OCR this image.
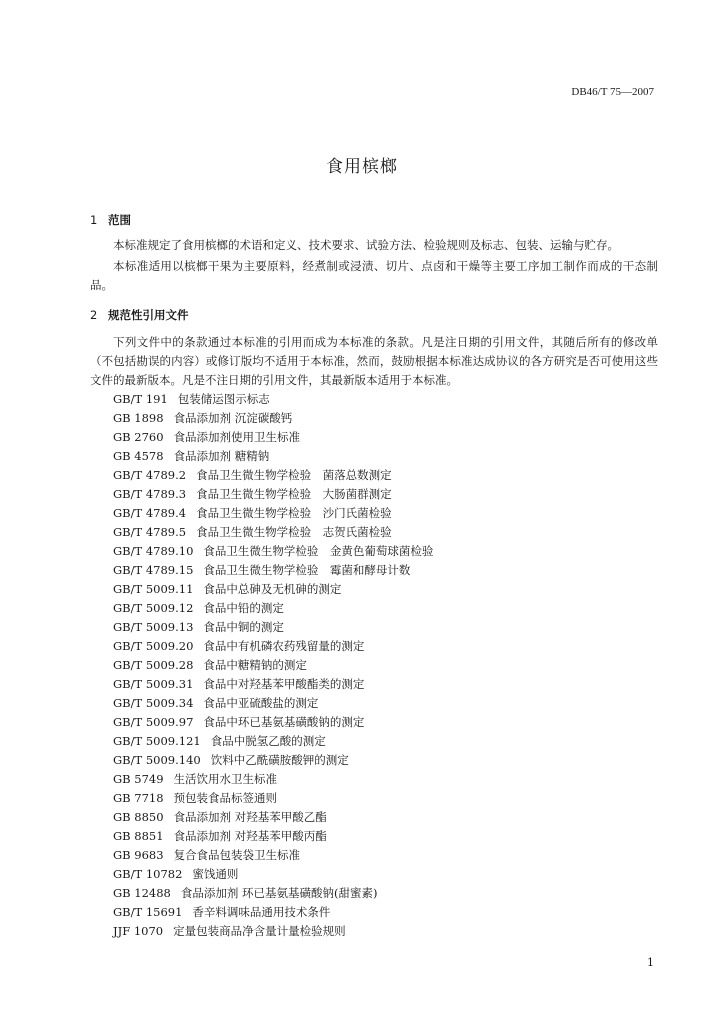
DB46/T 75—2007
食用槟榔
1 范围
本标准规定了食用槟榔的术语和定义、技术要求、试验方法、检验规则及标志、包装、运输与贮存。
本标准适用以槟榔干果为主要原料，经煮制或浸渍、切片、点卤和干燥等主要工序加工制作而成的干态制品。
2 规范性引用文件
下列文件中的条款通过本标准的引用而成为本标准的条款。凡是注日期的引用文件，其随后所有的修改单（不包括勘误的内容）或修订版均不适用于本标准，然而，鼓励根据本标准达成协议的各方研究是否可使用这些文件的最新版本。凡是不注日期的引用文件，其最新版本适用于本标准。
GB/T 191 包装储运图示标志
GB 1898 食品添加剂 沉淀碳酸钙
GB 2760 食品添加剂使用卫生标准
GB 4578 食品添加剂 糖精钠
GB/T 4789.2 食品卫生微生物学检验　菌落总数测定
GB/T 4789.3 食品卫生微生物学检验　大肠菌群测定
GB/T 4789.4 食品卫生微生物学检验　沙门氏菌检验
GB/T 4789.5 食品卫生微生物学检验　志贺氏菌检验
GB/T 4789.10 食品卫生微生物学检验　金黄色葡萄球菌检验
GB/T 4789.15 食品卫生微生物学检验　霉菌和酵母计数
GB/T 5009.11 食品中总砷及无机砷的测定
GB/T 5009.12 食品中铅的测定
GB/T 5009.13 食品中铜的测定
GB/T 5009.20 食品中有机磷农药残留量的测定
GB/T 5009.28 食品中糖精钠的测定
GB/T 5009.31 食品中对羟基苯甲酸酯类的测定
GB/T 5009.34 食品中亚硫酸盐的测定
GB/T 5009.97 食品中环已基氨基磺酸钠的测定
GB/T 5009.121 食品中脱氢乙酸的测定
GB/T 5009.140 饮料中乙酰磺胺酸钾的测定
GB 5749 生活饮用水卫生标准
GB 7718 预包装食品标签通则
GB 8850 食品添加剂 对羟基苯甲酸乙酯
GB 8851 食品添加剂 对羟基苯甲酸丙酯
GB 9683 复合食品包装袋卫生标准
GB/T 10782 蜜饯通则
GB 12488 食品添加剂 环已基氨基磺酸钠(甜蜜素)
GB/T 15691 香辛料调味品通用技术条件
JJF 1070 定量包装商品净含量计量检验规则
1
